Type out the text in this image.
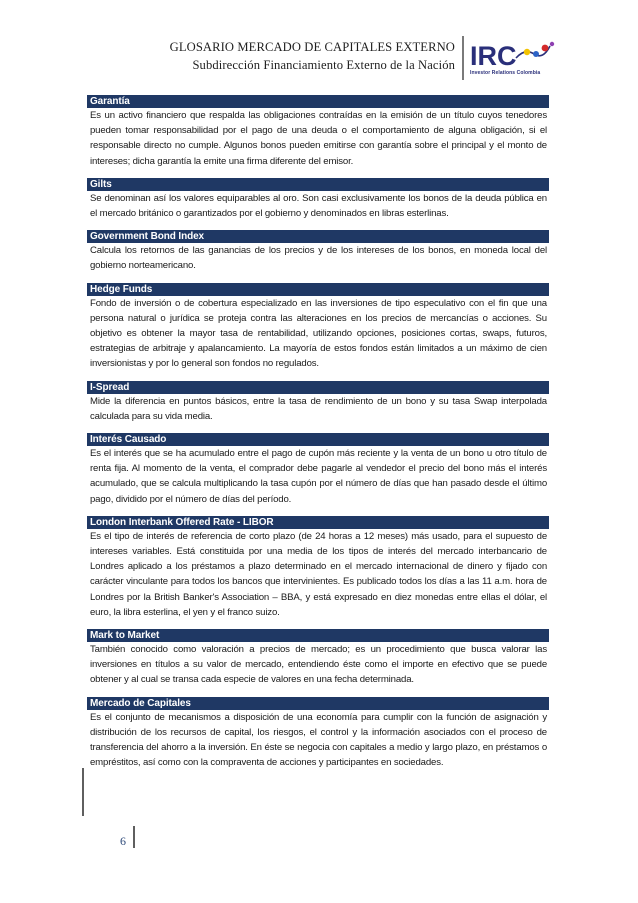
GLOSARIO MERCADO DE CAPITALES EXTERNO
Subdirección Financiamiento Externo de la Nación IRC
Investor Relations Colombia
Garantía
Es un activo financiero que respalda las obligaciones contraídas en la emisión de un título cuyos tenedores pueden tomar responsabilidad por el pago de una deuda o el comportamiento de alguna obligación, si el responsable directo no cumple. Algunos bonos pueden emitirse con garantía sobre el principal y el monto de intereses; dicha garantía la emite una firma diferente del emisor.
Gilts
Se denominan así los valores equiparables al oro. Son casi exclusivamente los bonos de la deuda pública en el mercado británico o garantizados por el gobierno y denominados en libras esterlinas.
Government Bond Index
Calcula los retornos de las ganancias de los precios y de los intereses de los bonos, en moneda local del gobierno norteamericano.
Hedge Funds
Fondo de inversión o de cobertura especializado en las inversiones de tipo especulativo con el fin que una persona natural o jurídica se proteja contra las alteraciones en los precios de mercancías o acciones. Su objetivo es obtener la mayor tasa de rentabilidad, utilizando opciones, posiciones cortas, swaps, futuros, estrategias de arbitraje y apalancamiento. La mayoría de estos fondos están limitados a un máximo de cien inversionistas y por lo general son fondos no regulados.
I-Spread
Mide la diferencia en puntos básicos, entre la tasa de rendimiento de un bono y su tasa Swap interpolada calculada para su vida media.
Interés Causado
Es el interés que se ha acumulado entre el pago de cupón más reciente y la venta de un bono u otro título de renta fija. Al momento de la venta, el comprador debe pagarle al vendedor el precio del bono más el interés acumulado, que se calcula multiplicando la tasa cupón por el número de días que han pasado desde el último pago, dividido por el número de días del período.
London Interbank Offered Rate - LIBOR
Es el tipo de interés de referencia de corto plazo (de 24 horas a 12 meses) más usado, para el supuesto de intereses variables. Está constituida por una media de los tipos de interés del mercado interbancario de Londres aplicado a los préstamos a plazo determinado en el mercado internacional de dinero y fijado con carácter vinculante para todos los bancos que intervinientes. Es publicado todos los días a las 11 a.m. hora de Londres por la British Banker's Association – BBA, y está expresado en diez monedas entre ellas el dólar, el euro, la libra esterlina, el yen y el franco suizo.
Mark to Market
También conocido como valoración a precios de mercado; es un procedimiento que busca valorar las inversiones en títulos a su valor de mercado, entendiendo éste como el importe en efectivo que se puede obtener y al cual se transa cada especie de valores en una fecha determinada.
Mercado de Capitales
Es el conjunto de mecanismos a disposición de una economía para cumplir con la función de asignación y distribución de los recursos de capital, los riesgos, el control y la información asociados con el proceso de transferencia del ahorro a la inversión. En éste se negocia con capitales a medio y largo plazo, en préstamos o empréstitos, así como con la compraventa de acciones y participantes en sociedades.
6
